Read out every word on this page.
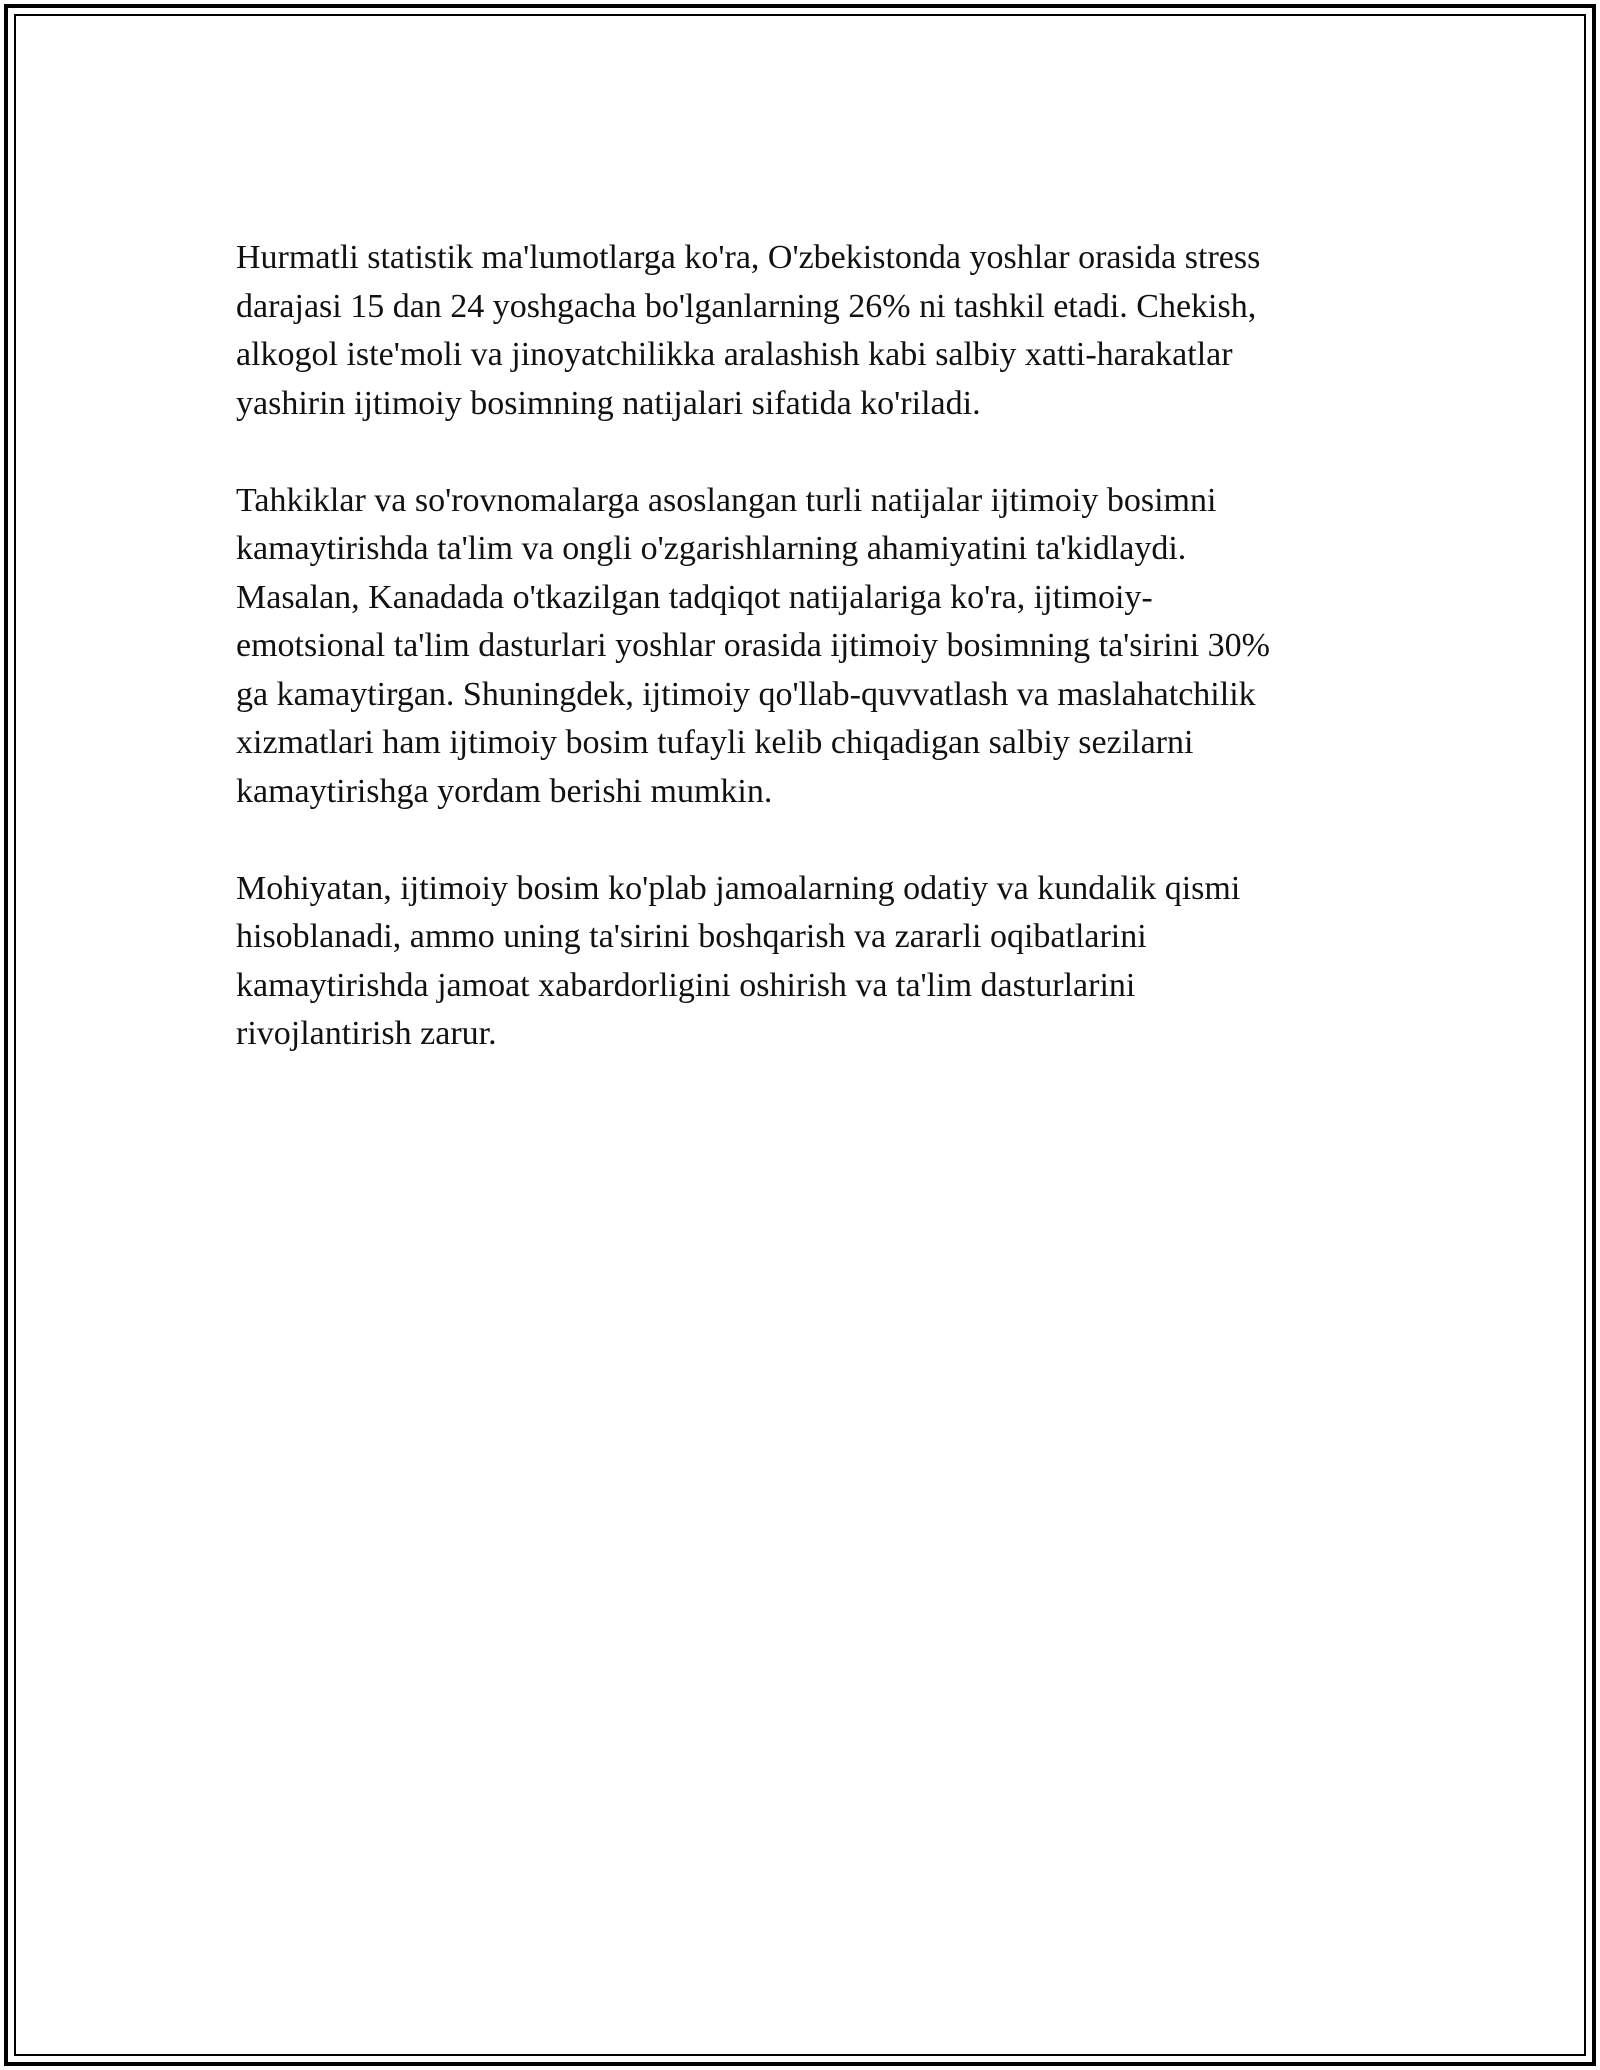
Hurmatli statistik ma'lumotlarga ko'ra, O'zbekistonda yoshlar orasida stress
darajasi 15 dan 24 yoshgacha bo'lganlarning 26% ni tashkil etadi. Chekish,
alkogol iste'moli va jinoyatchilikka aralashish kabi salbiy xatti-harakatlar
yashirin ijtimoiy bosimning natijalari sifatida ko'riladi.

Tahkiklar va so'rovnomalarga asoslangan turli natijalar ijtimoiy bosimni
kamaytirishda ta'lim va ongli o'zgarishlarning ahamiyatini ta'kidlaydi.
Masalan, Kanadada o'tkazilgan tadqiqot natijalariga ko'ra, ijtimoiy-
emotsional ta'lim dasturlari yoshlar orasida ijtimoiy bosimning ta'sirini 30%
ga kamaytirgan. Shuningdek, ijtimoiy qo'llab-quvvatlash va maslahatchilik
xizmatlari ham ijtimoiy bosim tufayli kelib chiqadigan salbiy sezilarni
kamaytirishga yordam berishi mumkin.

Mohiyatan, ijtimoiy bosim ko'plab jamoalarning odatiy va kundalik qismi
hisoblanadi, ammo uning ta'sirini boshqarish va zararli oqibatlarini
kamaytirishda jamoat xabardorligini oshirish va ta'lim dasturlarini
rivojlantirish zarur.
